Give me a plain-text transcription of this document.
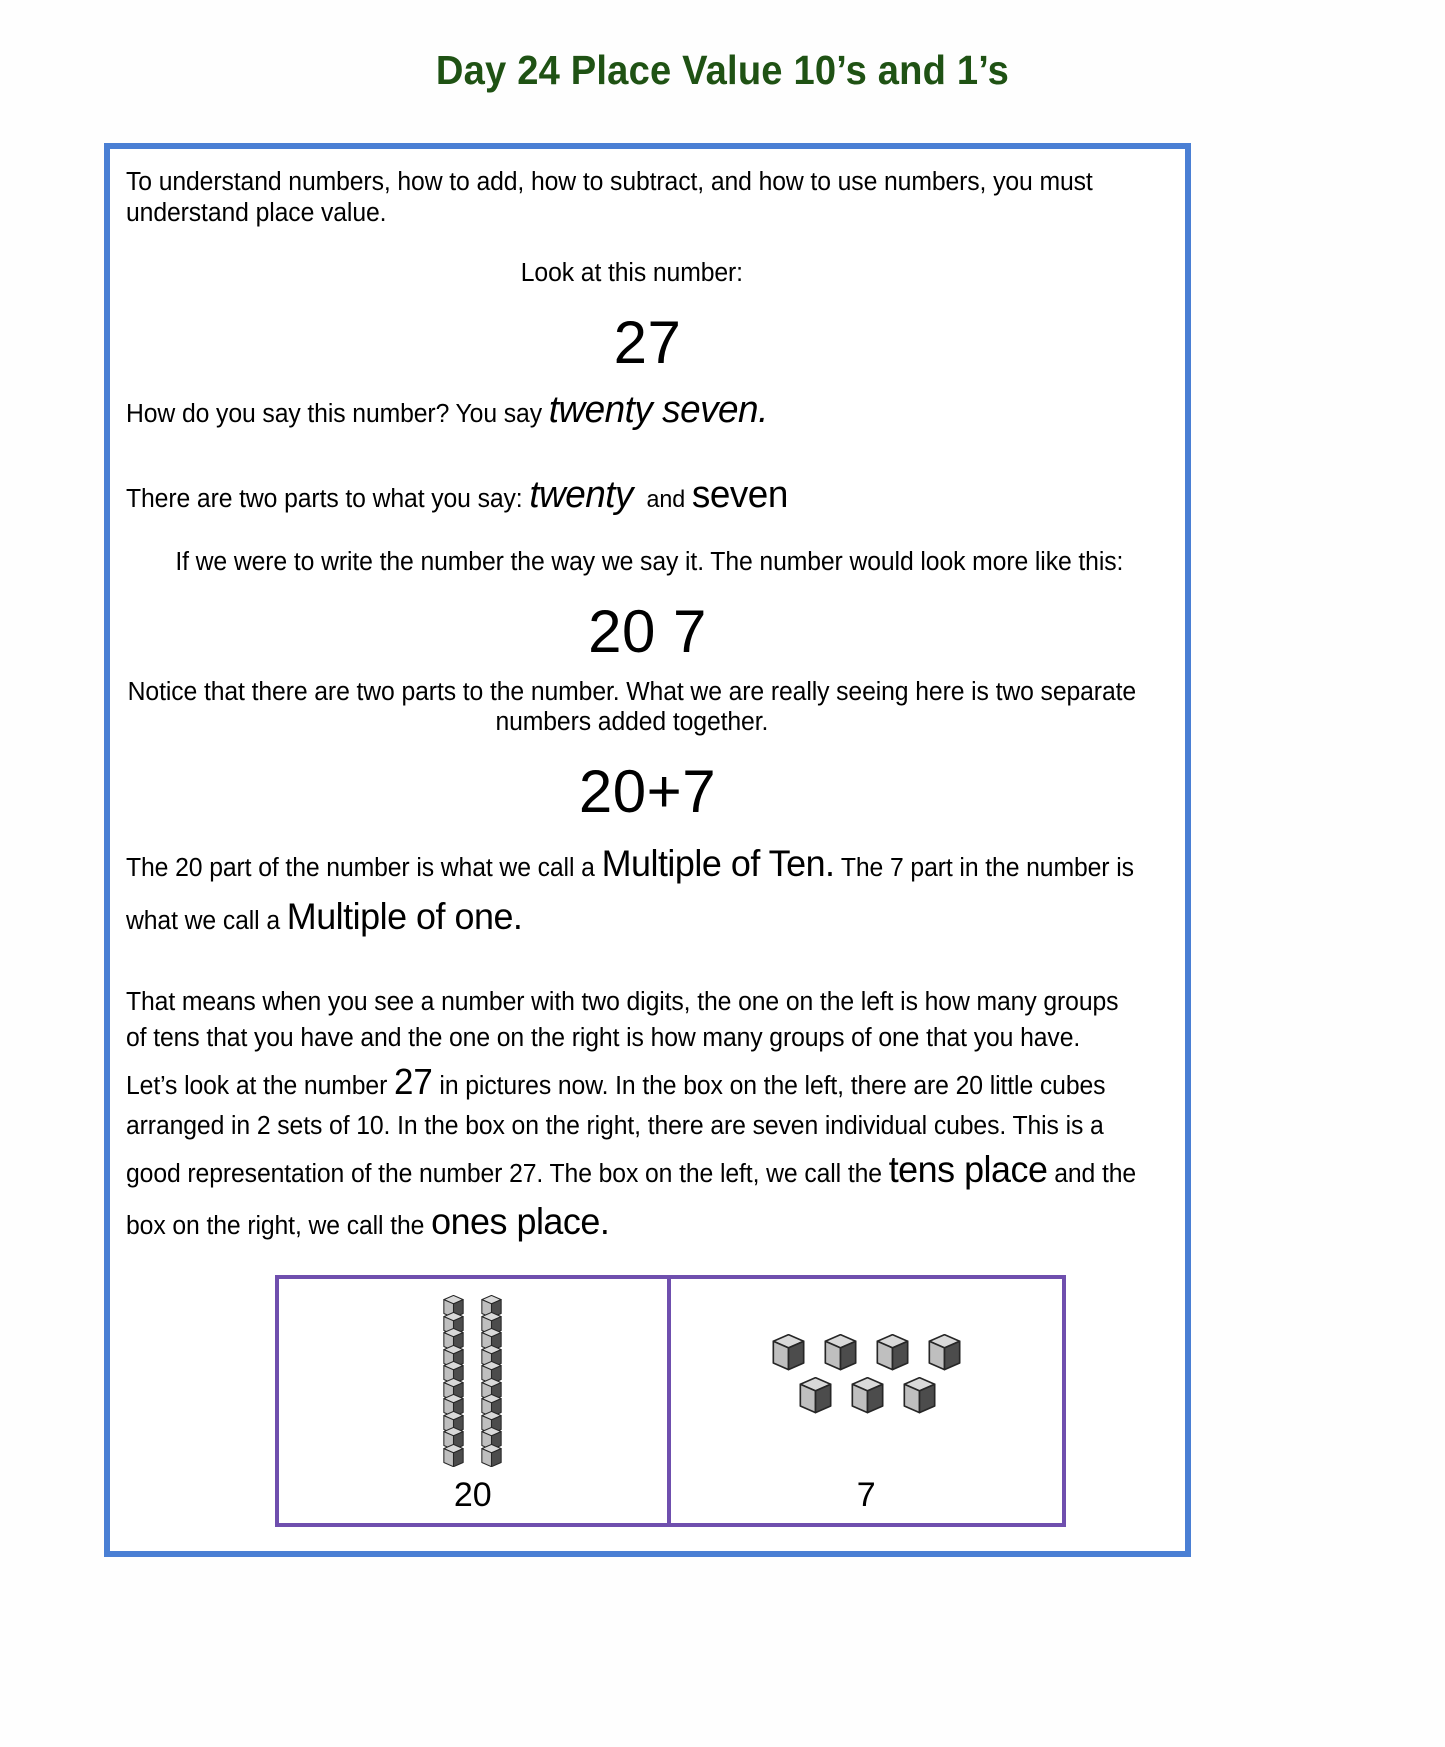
Day 24 Place Value 10’s and 1’s
To understand numbers, how to add, how to subtract, and how to use numbers, you must understand place value.
Look at this number:
27
How do you say this number? You say twenty seven.
There are two parts to what you say: twenty and seven
If we were to write the number the way we say it. The number would look more like this:
20 7
Notice that there are two parts to the number. What we are really seeing here is two separate numbers added together.
20+7
The 20 part of the number is what we call a Multiple of Ten. The 7 part in the number is what we call a Multiple of one.
That means when you see a number with two digits, the one on the left is how many groups of tens that you have and the one on the right is how many groups of one that you have. Let’s look at the number 27 in pictures now. In the box on the left, there are 20 little cubes arranged in 2 sets of 10. In the box on the right, there are seven individual cubes. This is a good representation of the number 27. The box on the left, we call the tens place and the box on the right, we call the ones place.
20	7
